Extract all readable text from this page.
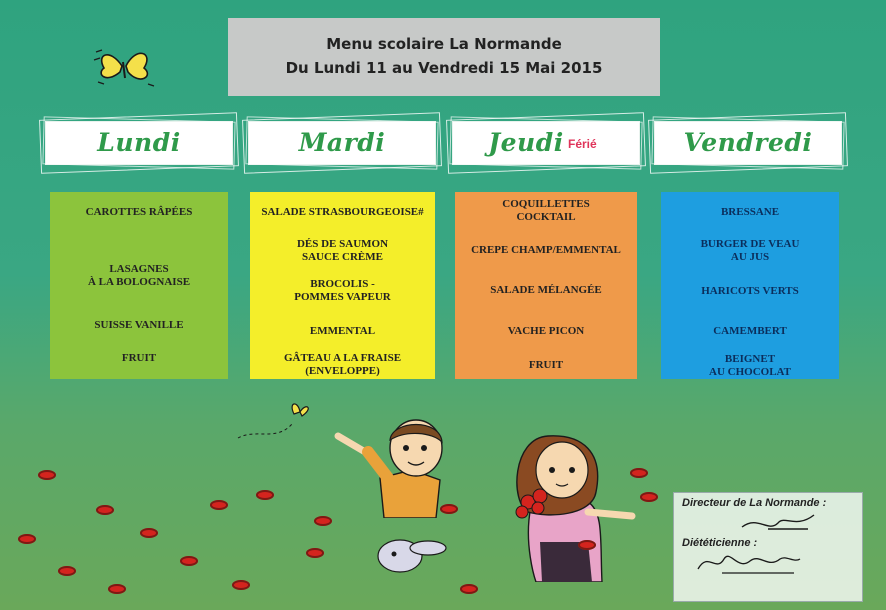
Menu scolaire La Normande
Du Lundi 11 au Vendredi 15 Mai 2015
Lundi	Mardi	Jeudi Férié	Vendredi
CAROTTES RÂPÉES
LASAGNES
À LA BOLOGNAISE
SUISSE VANILLE
FRUIT
SALADE STRASBOURGEOISE#
DÉS DE SAUMON
SAUCE CRÈME
BROCOLIS -
POMMES VAPEUR
EMMENTAL
GÂTEAU A LA FRAISE
(ENVELOPPE)
COQUILLETTES
COCKTAIL
CREPE CHAMP/EMMENTAL
SALADE MÉLANGÉE
VACHE PICON
FRUIT
BRESSANE
BURGER DE VEAU
AU JUS
HARICOTS VERTS
CAMEMBERT
BEIGNET
AU CHOCOLAT
Directeur de La Normande :
Diététicienne :
